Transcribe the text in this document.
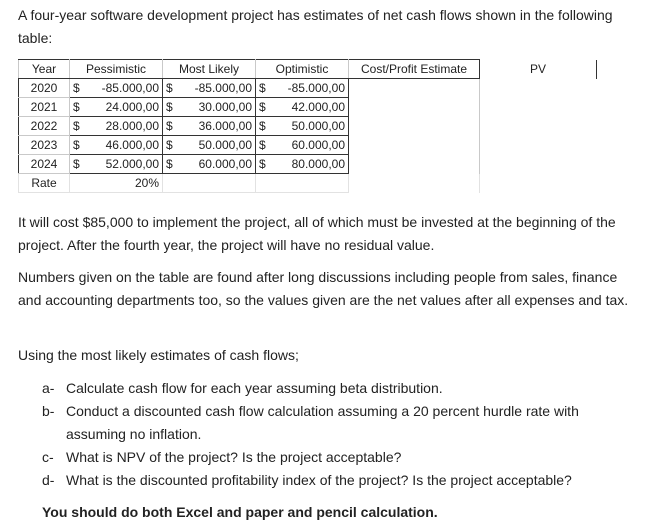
A four-year software development project has estimates of net cash flows shown in the following table:
Year	Pessimistic	Most Likely	Optimistic	Cost/Profit Estimate	PV
2020	$ -85.000,00	$ -85.000,00	$ -85.000,00		

2021	$ 24.000,00	$ 30.000,00	$ 42.000,00		

2022	$ 28.000,00	$ 36.000,00	$ 50.000,00		

2023	$ 46.000,00	$ 50.000,00	$ 60.000,00		

2024	$ 52.000,00	$ 60.000,00	$ 80.000,00		

Rate	20%				
It will cost $85,000 to implement the project, all of which must be invested at the beginning of the project. After the fourth year, the project will have no residual value.
Numbers given on the table are found after long discussions including people from sales, finance and accounting departments too, so the values given are the net values after all expenses and tax.
Using the most likely estimates of cash flows;
a- Calculate cash flow for each year assuming beta distribution.
b- Conduct a discounted cash flow calculation assuming a 20 percent hurdle rate with assuming no inflation.
c- What is NPV of the project? Is the project acceptable?
d- What is the discounted profitability index of the project? Is the project acceptable?
You should do both Excel and paper and pencil calculation.
